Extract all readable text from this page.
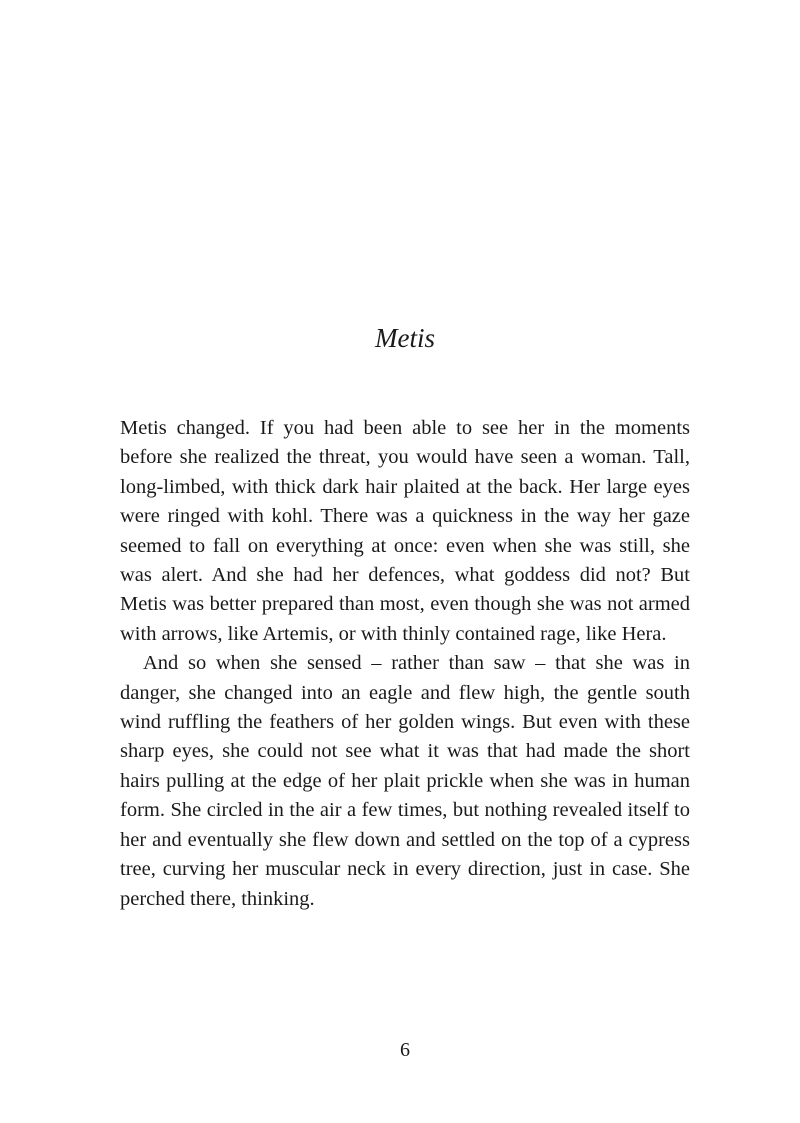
Metis

Metis changed. If you had been able to see her in the moments before she realized the threat, you would have seen a woman. Tall, long-limbed, with thick dark hair plaited at the back. Her large eyes were ringed with kohl. There was a quickness in the way her gaze seemed to fall on everything at once: even when she was still, she was alert. And she had her defences, what goddess did not? But Metis was better prepared than most, even though she was not armed with arrows, like Artemis, or with thinly contained rage, like Hera.

And so when she sensed – rather than saw – that she was in danger, she changed into an eagle and flew high, the gentle south wind ruffling the feathers of her golden wings. But even with these sharp eyes, she could not see what it was that had made the short hairs pulling at the edge of her plait prickle when she was in human form. She circled in the air a few times, but nothing revealed itself to her and eventually she flew down and settled on the top of a cypress tree, curving her muscular neck in every direction, just in case. She perched there, thinking.

6
